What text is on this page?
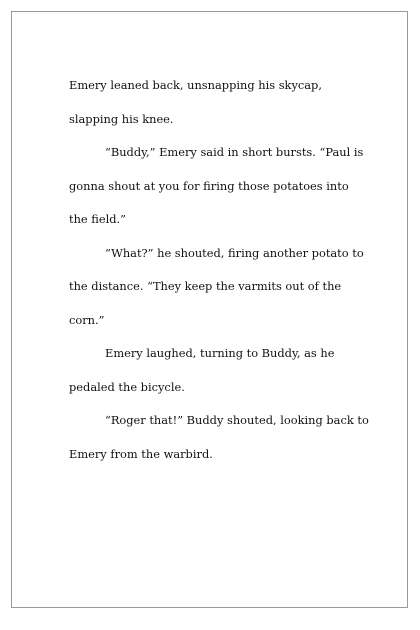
Emery leaned back, unsnapping his skycap, slapping his knee.

“Buddy,” Emery said in short bursts. “Paul is gonna shout at you for firing those potatoes into the field.”

“What?” he shouted, firing another potato to the distance. “They keep the varmits out of the corn.”

Emery laughed, turning to Buddy, as he pedaled the bicycle.

“Roger that!” Buddy shouted, looking back to Emery from the warbird.
